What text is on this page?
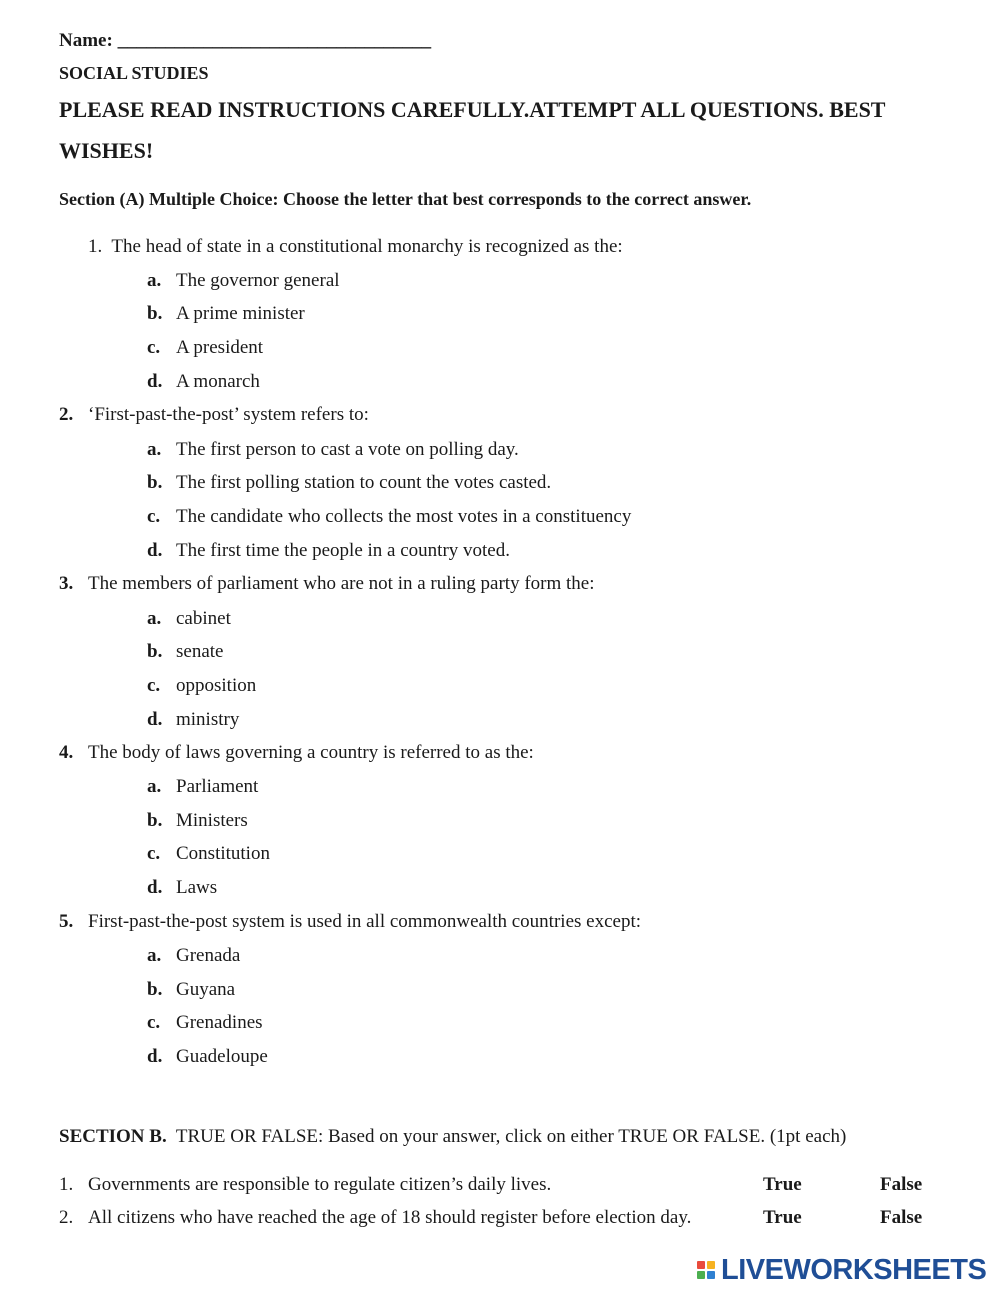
Name: _________________________________
SOCIAL STUDIES
PLEASE READ INSTRUCTIONS CAREFULLY.ATTEMPT ALL QUESTIONS. BEST
WISHES!
Section (A) Multiple Choice: Choose the letter that best corresponds to the correct answer.
1. The head of state in a constitutional monarchy is recognized as the:
a. The governor general
b. A prime minister
c. A president
d. A monarch
2. ‘First-past-the-post’ system refers to:
a. The first person to cast a vote on polling day.
b. The first polling station to count the votes casted.
c. The candidate who collects the most votes in a constituency
d. The first time the people in a country voted.
3. The members of parliament who are not in a ruling party form the:
a. cabinet
b. senate
c. opposition
d. ministry
4. The body of laws governing a country is referred to as the:
a. Parliament
b. Ministers
c. Constitution
d. Laws
5. First-past-the-post system is used in all commonwealth countries except:
a. Grenada
b. Guyana
c. Grenadines
d. Guadeloupe
SECTION B. TRUE OR FALSE: Based on your answer, click on either TRUE OR FALSE. (1pt each)
1. Governments are responsible to regulate citizen’s daily lives.	True	False
2. All citizens who have reached the age of 18 should register before election day.	True	False
LIVEWORKSHEETS
